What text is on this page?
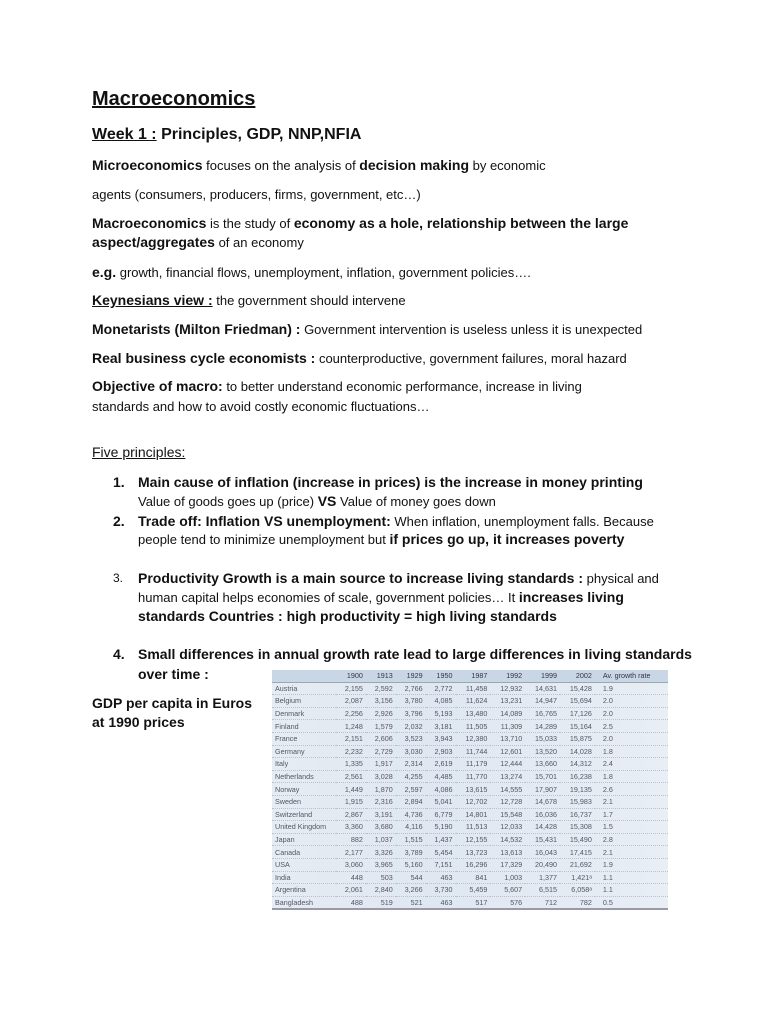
Macroeconomics
Week 1 : Principles, GDP, NNP,NFIA
Microeconomics focuses on the analysis of decision making by economic
agents (consumers, producers, firms, government, etc…)
Macroeconomics is the study of economy as a hole, relationship between the large
aspect/aggregates of an economy
e.g. growth, financial flows, unemployment, inflation, government policies….
Keynesians view : the government should intervene
Monetarists (Milton Friedman) : Government intervention is useless unless it is unexpected
Real business cycle economists : counterproductive, government failures, moral hazard
Objective of macro: to better understand economic performance, increase in living
standards and how to avoid costly economic fluctuations…
Five principles:
1. Main cause of inflation (increase in prices) is the increase in money printing
Value of goods goes up (price) VS Value of money goes down
2. Trade off: Inflation VS unemployment: When inflation, unemployment falls. Because
people tend to minimize unemployment but if prices go up, it increases poverty
3. Productivity Growth is a main source to increase living standards : physical and
human capital helps economies of scale, government policies… It increases living
standards Countries : high productivity = high living standards
4. Small differences in annual growth rate lead to large differences in living standards
over time :
GDP per capita in Euros
at 1990 prices
	1900	1913	1929	1950	1987	1992	1999	2002	Av. growth rate
Austria	2,155	2,592	2,766	2,772	11,458	12,932	14,631	15,428	1.9
Belgium	2,087	3,156	3,780	4,085	11,624	13,231	14,947	15,694	2.0
Denmark	2,256	2,926	3,796	5,193	13,480	14,089	16,765	17,126	2.0
Finland	1,248	1,579	2,032	3,181	11,505	11,309	14,289	15,164	2.5
France	2,151	2,606	3,523	3,943	12,380	13,710	15,033	15,875	2.0
Germany	2,232	2,729	3,030	2,903	11,744	12,601	13,520	14,028	1.8
Italy	1,335	1,917	2,314	2,619	11,179	12,444	13,660	14,312	2.4
Netherlands	2,561	3,028	4,255	4,485	11,770	13,274	15,701	16,238	1.8
Norway	1,449	1,870	2,597	4,086	13,615	14,555	17,907	19,135	2.6
Sweden	1,915	2,316	2,894	5,041	12,702	12,728	14,678	15,983	2.1
Switzerland	2,867	3,191	4,736	6,779	14,801	15,548	16,036	16,737	1.7
United Kingdom	3,360	3,680	4,116	5,190	11,513	12,033	14,428	15,308	1.5
Japan	882	1,037	1,515	1,437	12,155	14,532	15,431	15,490	2.8
Canada	2,177	3,326	3,789	5,454	13,723	13,613	16,043	17,415	2.1
USA	3,060	3,965	5,160	7,151	16,296	17,329	20,490	21,692	1.9
India	448	503	544	463	841	1,003	1,377	1,421ᵃ	1.1
Argentina	2,061	2,840	3,266	3,730	5,459	5,607	6,515	6,058ᵃ	1.1
Bangladesh	488	519	521	463	517	576	712	782	0.5
